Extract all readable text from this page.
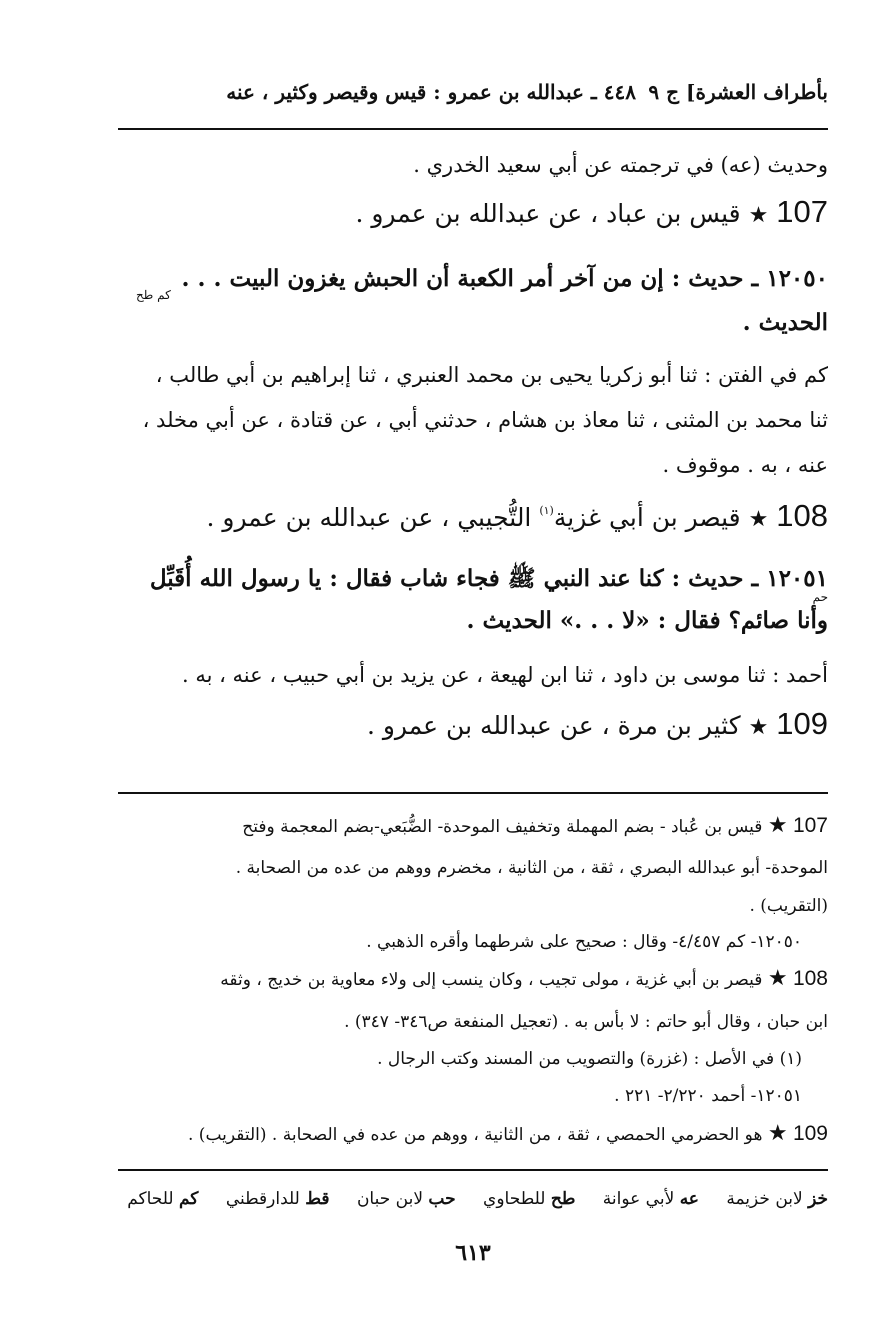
بأطراف العشرة] ج ٩
٤٤٨ ـ عبدالله بن عمرو : قيس وقيصر وكثير ، عنه
وحديث (عه) في ترجمته عن أبي سعيد الخدري .
107 ★ قيس بن عباد ، عن عبدالله بن عمرو .
١٢٠٥٠ ـ حديث : إن من آخر أمر الكعبة أن الحبش يغزون البيت . . .
كم طح
الحديث .
كم في الفتن : ثنا أبو زكريا يحيى بن محمد العنبري ، ثنا إبراهيم بن أبي طالب ،
ثنا محمد بن المثنى ، ثنا معاذ بن هشام ، حدثني أبي ، عن قتادة ، عن أبي مخلد ،
عنه ، به . موقوف .
108 ★ قيصر بن أبي غزية$^{(١)}$ التُّجيبي ، عن عبدالله بن عمرو .
١٢٠٥١ ـ حديث : كنا عند النبي ﷺ فجاء شاب فقال : يا رسول الله أُقَبِّل
حم
وأنا صائم؟ فقال : «لا . . .» الحديث .
أحمد : ثنا موسى بن داود ، ثنا ابن لهيعة ، عن يزيد بن أبي حبيب ، عنه ، به .
109 ★ كثير بن مرة ، عن عبدالله بن عمرو .
107 ★ قيس بن عُباد - بضم المهملة وتخفيف الموحدة- الضُّبَعي-بضم المعجمة وفتح
الموحدة- أبو عبدالله البصري ، ثقة ، من الثانية ، مخضرم ووهم من عده من الصحابة .
(التقريب) .
١٢٠٥٠- كم ٤/٤٥٧- وقال : صحيح على شرطهما وأقره الذهبي .
108 ★ قيصر بن أبي غزية ، مولى تجيب ، وكان ينسب إلى ولاء معاوية بن خديج ، وثقه
ابن حبان ، وقال أبو حاتم : لا بأس به . (تعجيل المنفعة ص٣٤٦- ٣٤٧) .
(١) في الأصل : (غزرة) والتصويب من المسند وكتب الرجال .
١٢٠٥١- أحمد ٢/٢٢٠- ٢٢١ .
109 ★ هو الحضرمي الحمصي ، ثقة ، من الثانية ، ووهم من عده في الصحابة . (التقريب) .
خز لابن خزيمة عه لأبي عوانة طح للطحاوي حب لابن حبان قط للدارقطني كم للحاكم
٦١٣
